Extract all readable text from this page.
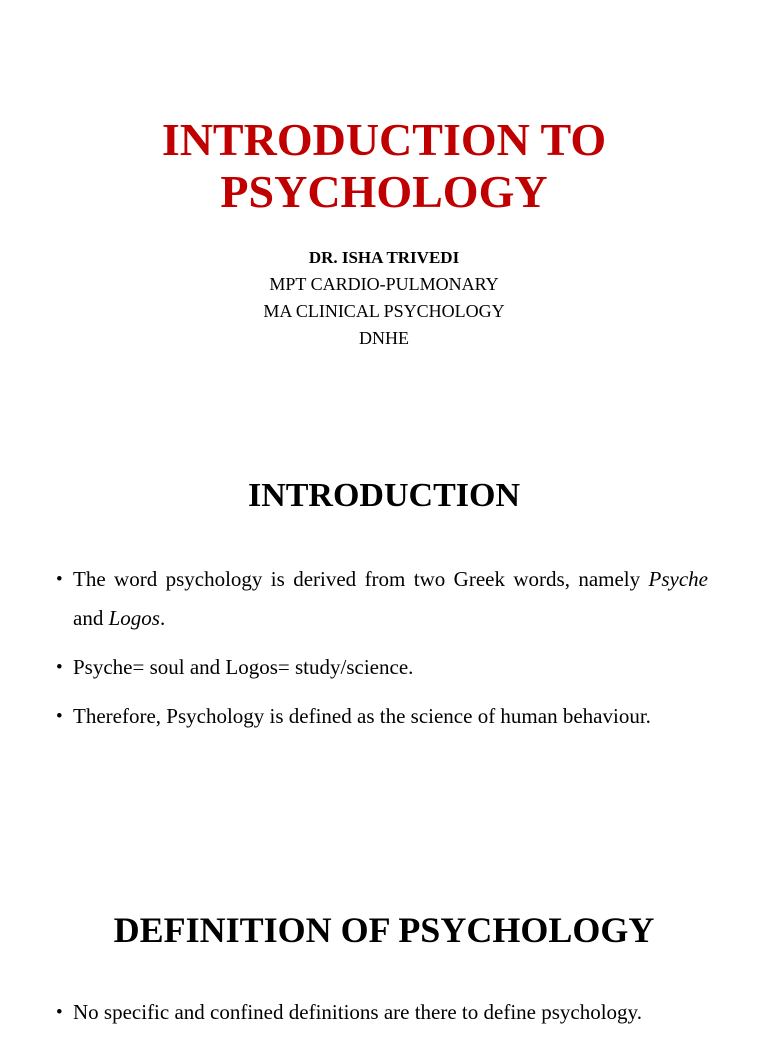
INTRODUCTION TO
PSYCHOLOGY
DR. ISHA TRIVEDI
MPT CARDIO-PULMONARY
MA CLINICAL PSYCHOLOGY
DNHE
INTRODUCTION
• The word psychology is derived from two Greek words, namely Psyche and Logos.
• Psyche= soul and Logos= study/science.
• Therefore, Psychology is defined as the science of human behaviour.
DEFINITION OF PSYCHOLOGY
• No specific and confined definitions are there to define psychology.
